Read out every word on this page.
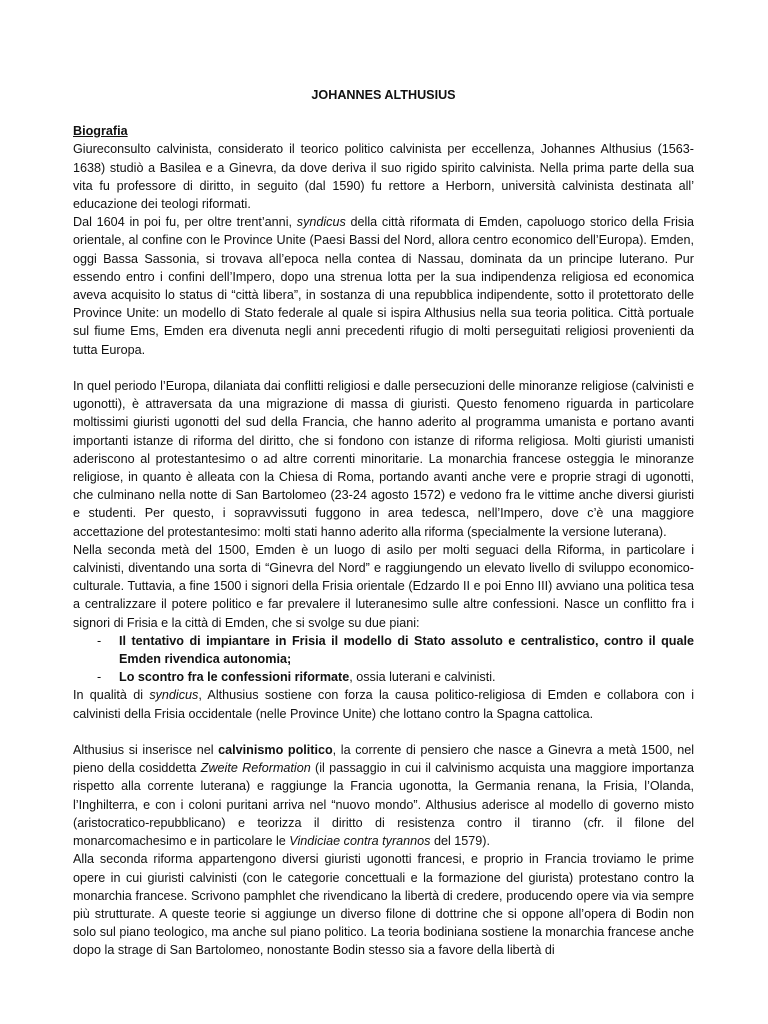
JOHANNES ALTHUSIUS
Biografia

Giureconsulto calvinista, considerato il teorico politico calvinista per eccellenza, Johannes Althusius (1563-1638) studiò a Basilea e a Ginevra, da dove deriva il suo rigido spirito calvinista. Nella prima parte della sua vita fu professore di diritto, in seguito (dal 1590) fu rettore a Herborn, università calvinista destinata all’ educazione dei teologi riformati.

Dal 1604 in poi fu, per oltre trent’anni, syndicus della città riformata di Emden, capoluogo storico della Frisia orientale, al confine con le Province Unite (Paesi Bassi del Nord, allora centro economico dell’Europa). Emden, oggi Bassa Sassonia, si trovava all’epoca nella contea di Nassau, dominata da un principe luterano. Pur essendo entro i confini dell’Impero, dopo una strenua lotta per la sua indipendenza religiosa ed economica aveva acquisito lo status di “città libera”, in sostanza di una repubblica indipendente, sotto il protettorato delle Province Unite: un modello di Stato federale al quale si ispira Althusius nella sua teoria politica. Città portuale sul fiume Ems, Emden era divenuta negli anni precedenti rifugio di molti perseguitati religiosi provenienti da tutta Europa.

In quel periodo l’Europa, dilaniata dai conflitti religiosi e dalle persecuzioni delle minoranze religiose (calvinisti e ugonotti), è attraversata da una migrazione di massa di giuristi. Questo fenomeno riguarda in particolare moltissimi giuristi ugonotti del sud della Francia, che hanno aderito al programma umanista e portano avanti importanti istanze di riforma del diritto, che si fondono con istanze di riforma religiosa. Molti giuristi umanisti aderiscono al protestantesimo o ad altre correnti minoritarie. La monarchia francese osteggia le minoranze religiose, in quanto è alleata con la Chiesa di Roma, portando avanti anche vere e proprie stragi di ugonotti, che culminano nella notte di San Bartolomeo (23-24 agosto 1572) e vedono fra le vittime anche diversi giuristi e studenti. Per questo, i sopravvissuti fuggono in area tedesca, nell’Impero, dove c’è una maggiore accettazione del protestantesimo: molti stati hanno aderito alla riforma (specialmente la versione luterana).

Nella seconda metà del 1500, Emden è un luogo di asilo per molti seguaci della Riforma, in particolare i calvinisti, diventando una sorta di “Ginevra del Nord” e raggiungendo un elevato livello di sviluppo economico-culturale. Tuttavia, a fine 1500 i signori della Frisia orientale (Edzardo II e poi Enno III) avviano una politica tesa a centralizzare il potere politico e far prevalere il luteranesimo sulle altre confessioni. Nasce un conflitto fra i signori di Frisia e la città di Emden, che si svolge su due piani:

- Il tentativo di impiantare in Frisia il modello di Stato assoluto e centralistico, contro il quale Emden rivendica autonomia;
- Lo scontro fra le confessioni riformate, ossia luterani e calvinisti.

In qualità di syndicus, Althusius sostiene con forza la causa politico-religiosa di Emden e collabora con i calvinisti della Frisia occidentale (nelle Province Unite) che lottano contro la Spagna cattolica.

Althusius si inserisce nel calvinismo politico, la corrente di pensiero che nasce a Ginevra a metà 1500, nel pieno della cosiddetta Zweite Reformation (il passaggio in cui il calvinismo acquista una maggiore importanza rispetto alla corrente luterana) e raggiunge la Francia ugonotta, la Germania renana, la Frisia, l’Olanda, l’Inghilterra, e con i coloni puritani arriva nel “nuovo mondo”. Althusius aderisce al modello di governo misto (aristocratico-repubblicano) e teorizza il diritto di resistenza contro il tiranno (cfr. il filone del monarcomachesimo e in particolare le Vindiciae contra tyrannos del 1579).

Alla seconda riforma appartengono diversi giuristi ugonotti francesi, e proprio in Francia troviamo le prime opere in cui giuristi calvinisti (con le categorie concettuali e la formazione del giurista) protestano contro la monarchia francese. Scrivono pamphlet che rivendicano la libertà di credere, producendo opere via via sempre più strutturate. A queste teorie si aggiunge un diverso filone di dottrine che si oppone all’opera di Bodin non solo sul piano teologico, ma anche sul piano politico. La teoria bodiniana sostiene la monarchia francese anche dopo la strage di San Bartolomeo, nonostante Bodin stesso sia a favore della libertà di
